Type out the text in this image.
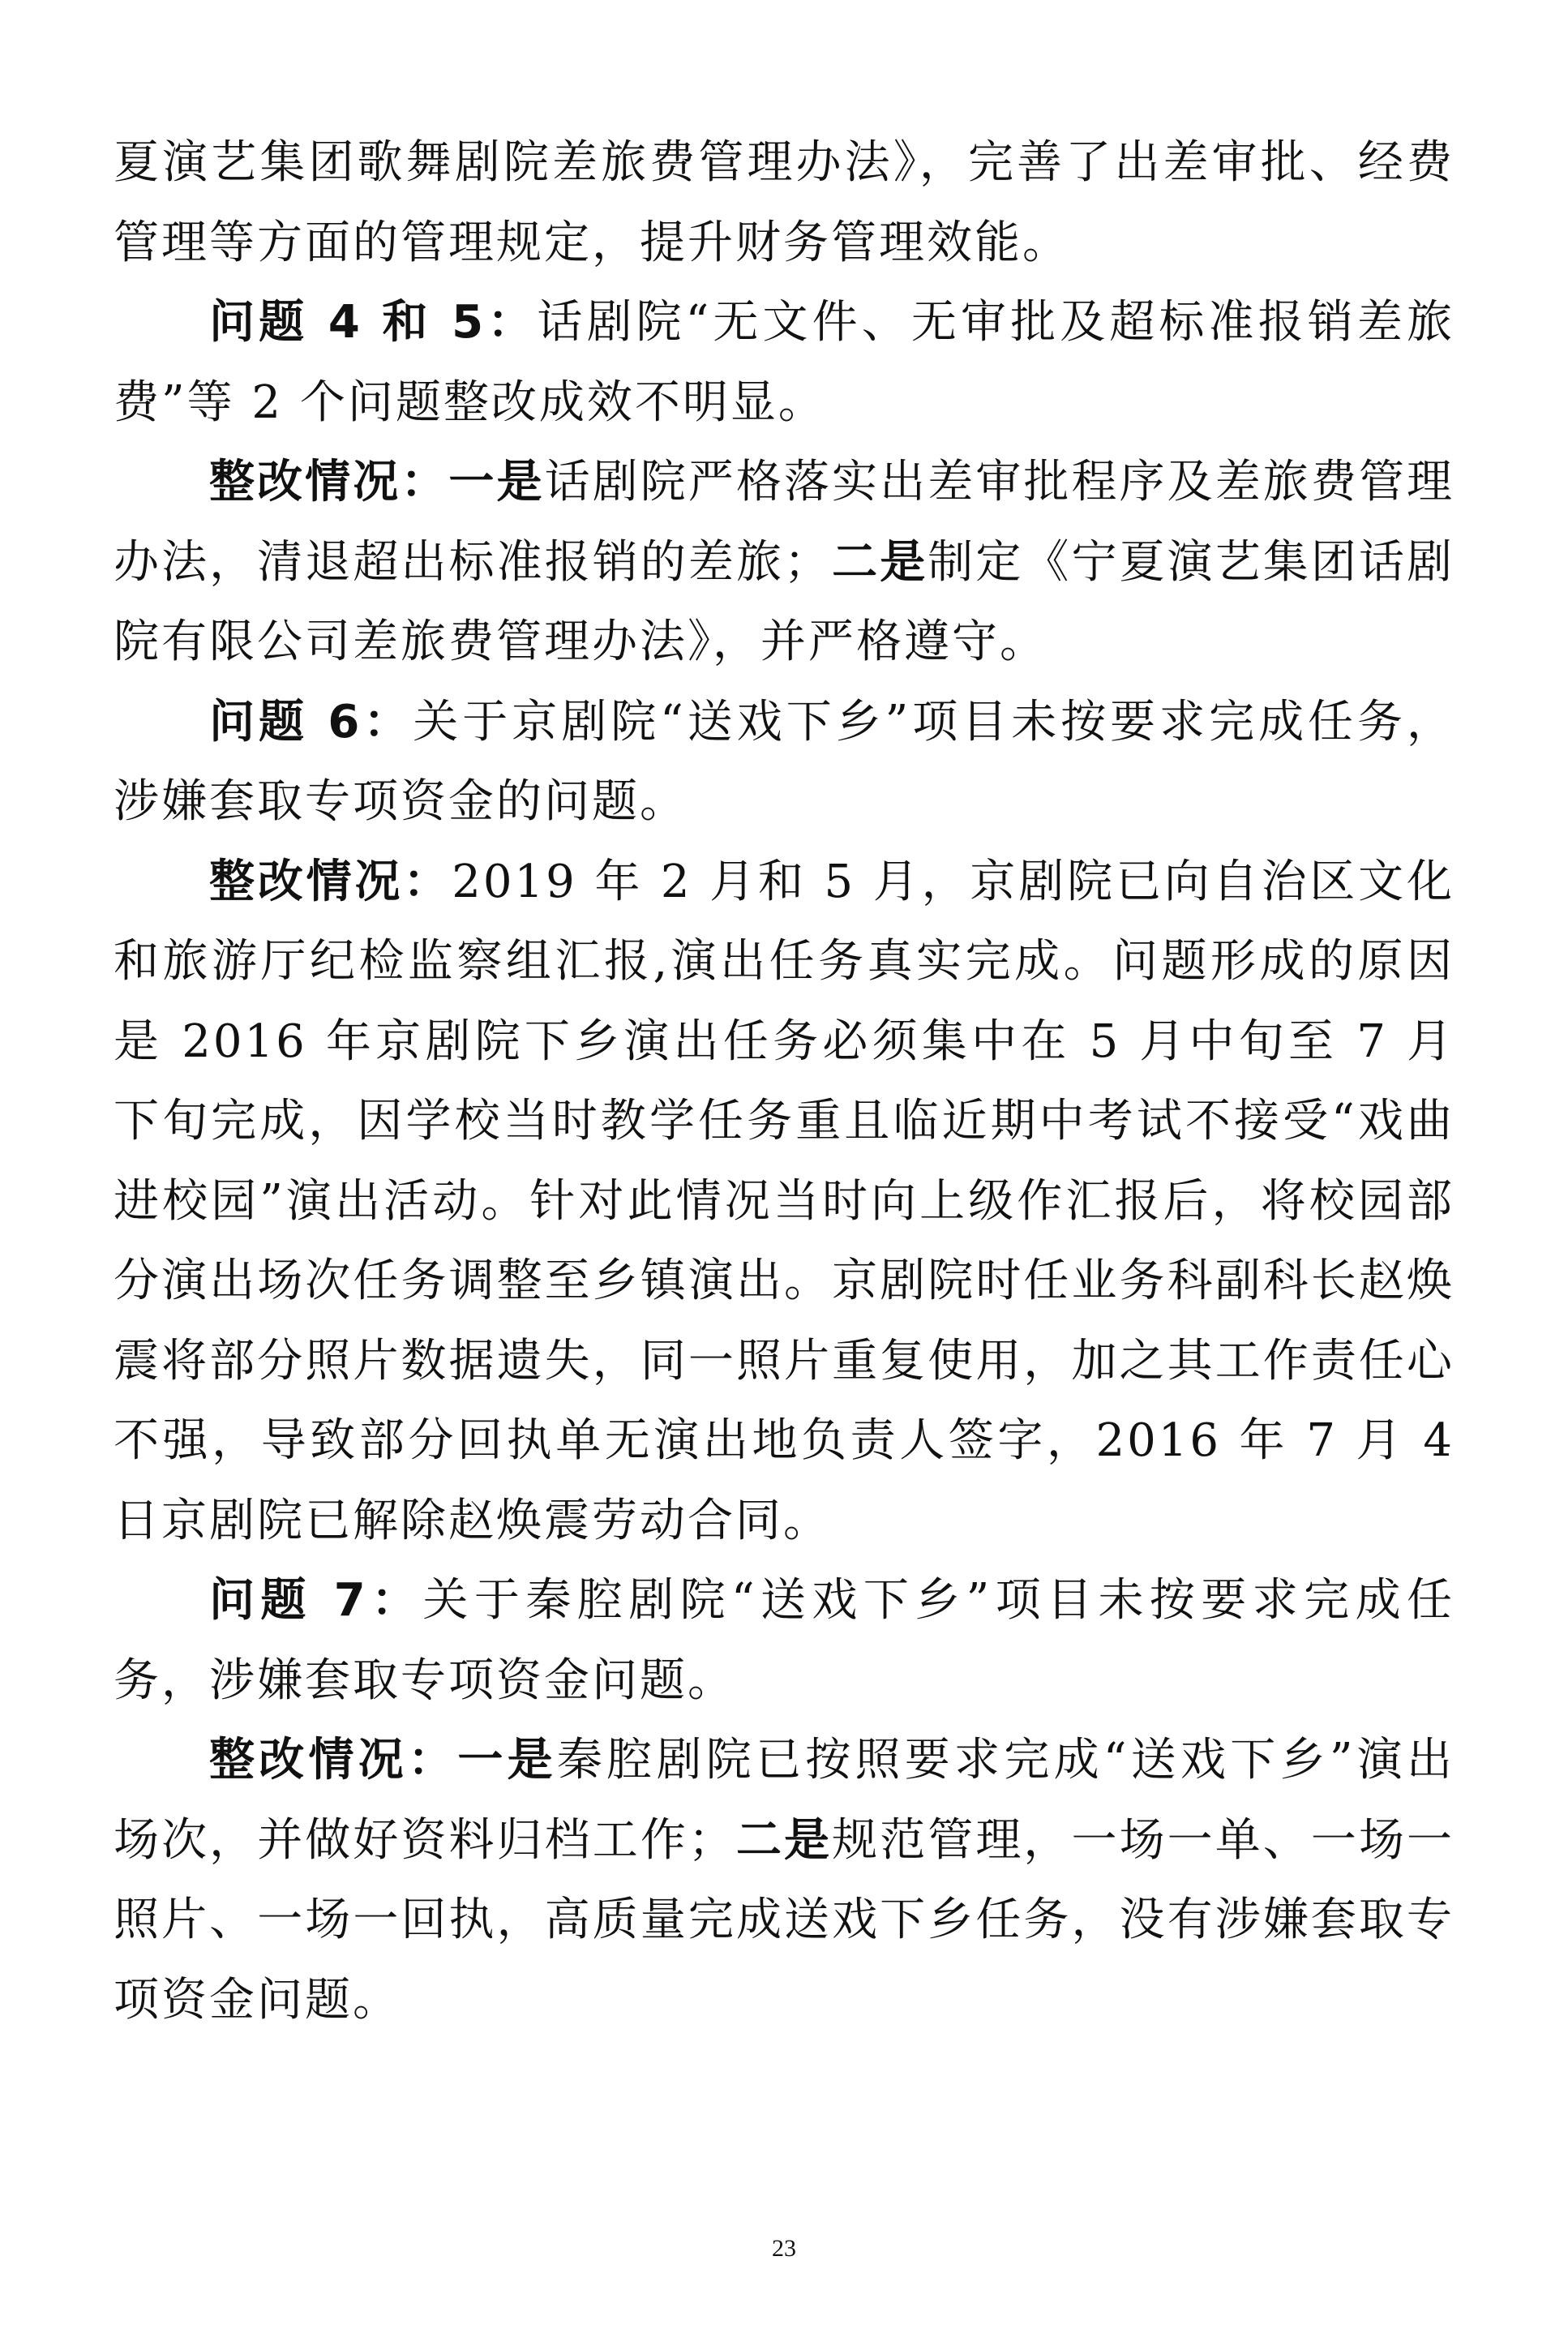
夏演艺集团歌舞剧院差旅费管理办法》，完善了出差审批、经费管理等方面的管理规定，提升财务管理效能。

问题 4 和 5：话剧院“无文件、无审批及超标准报销差旅费”等 2 个问题整改成效不明显。

整改情况：一是话剧院严格落实出差审批程序及差旅费管理办法，清退超出标准报销的差旅；二是制定《宁夏演艺集团话剧院有限公司差旅费管理办法》，并严格遵守。

问题 6：关于京剧院“送戏下乡”项目未按要求完成任务，涉嫌套取专项资金的问题。

整改情况：2019 年 2 月和 5 月，京剧院已向自治区文化和旅游厅纪检监察组汇报,演出任务真实完成。问题形成的原因是 2016 年京剧院下乡演出任务必须集中在 5 月中旬至 7 月下旬完成，因学校当时教学任务重且临近期中考试不接受“戏曲进校园”演出活动。针对此情况当时向上级作汇报后，将校园部分演出场次任务调整至乡镇演出。京剧院时任业务科副科长赵焕震将部分照片数据遗失，同一照片重复使用，加之其工作责任心不强，导致部分回执单无演出地负责人签字，2016 年 7 月 4 日京剧院已解除赵焕震劳动合同。

问题 7：关于秦腔剧院“送戏下乡”项目未按要求完成任务，涉嫌套取专项资金问题。

整改情况：一是秦腔剧院已按照要求完成“送戏下乡”演出场次，并做好资料归档工作；二是规范管理，一场一单、一场一照片、一场一回执，高质量完成送戏下乡任务，没有涉嫌套取专项资金问题。

23
